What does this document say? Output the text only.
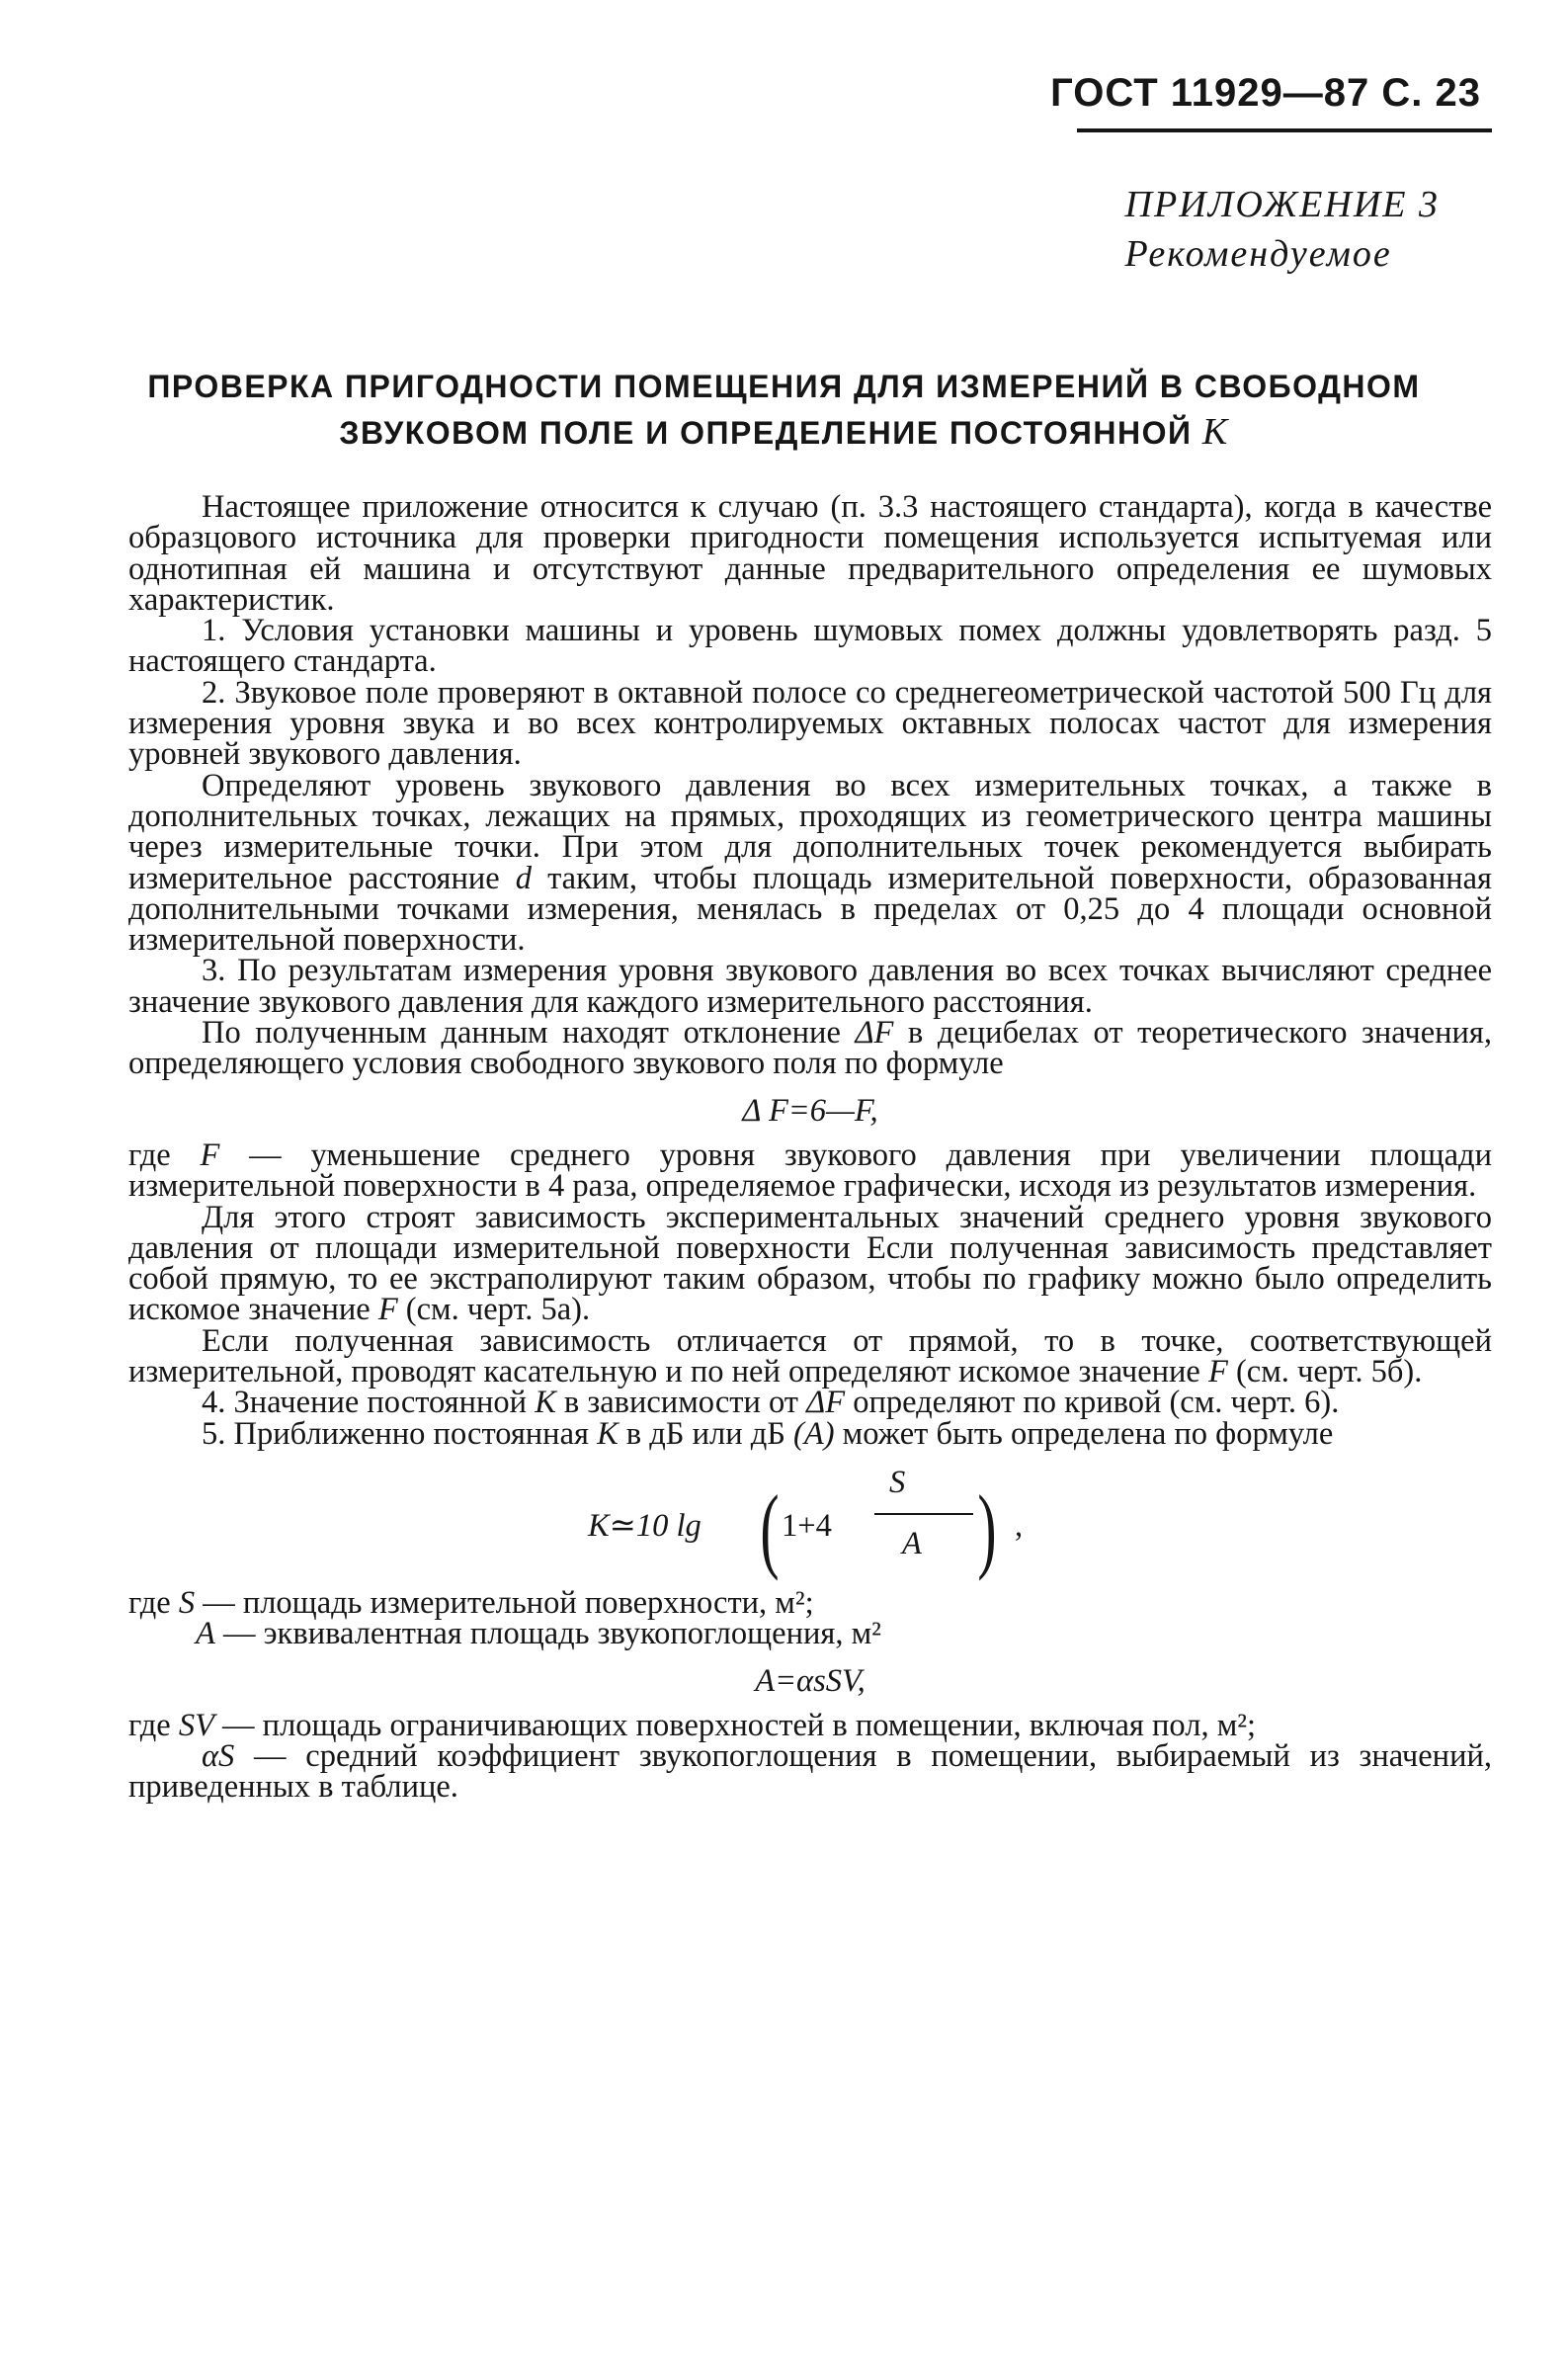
ГОСТ 11929—87 С. 23
ПРИЛОЖЕНИЕ 3
Рекомендуемое
ПРОВЕРКА ПРИГОДНОСТИ ПОМЕЩЕНИЯ ДЛЯ ИЗМЕРЕНИЙ В СВОБОДНОМ
ЗВУКОВОМ ПОЛЕ И ОПРЕДЕЛЕНИЕ ПОСТОЯННОЙ К

Настоящее приложение относится к случаю (п. 3.3 настоящего стандарта), когда в качестве образцового источника для проверки пригодности помещения используется испытуемая или однотипная ей машина и отсутствуют данные предварительного определения ее шумовых характеристик.

1. Условия установки машины и уровень шумовых помех должны удовлетворять разд. 5 настоящего стандарта.

2. Звуковое поле проверяют в октавной полосе со среднегеометрической частотой 500 Гц для измерения уровня звука и во всех контролируемых октавных полосах частот для измерения уровней звукового давления.

Определяют уровень звукового давления во всех измерительных точках, а также в дополнительных точках, лежащих на прямых, проходящих из геометрического центра машины через измерительные точки. При этом для дополнительных точек рекомендуется выбирать измерительное расстояние d таким, чтобы площадь измерительной поверхности, образованная дополнительными точками измерения, менялась в пределах от 0,25 до 4 площади основной измерительной поверхности.

3. По результатам измерения уровня звукового давления во всех точках вычисляют среднее значение звукового давления для каждого измерительного расстояния.

По полученным данным находят отклонение ΔF в децибелах от теоретического значения, определяющего условия свободного звукового поля по формуле

Δ F=6—F,

где F — уменьшение среднего уровня звукового давления при увеличении площади измерительной поверхности в 4 раза, определяемое графически, исходя из результатов измерения.

Для этого строят зависимость экспериментальных значений среднего уровня звукового давления от площади измерительной поверхности Если полученная зависимость представляет собой прямую, то ее экстраполируют таким образом, чтобы по графику можно было определить искомое значение F (см. черт. 5а).

Если полученная зависимость отличается от прямой, то в точке, соответствующей измерительной, проводят касательную и по ней определяют искомое значение F (см. черт. 5б).

4. Значение постоянной К в зависимости от ΔF определяют по кривой (см. черт. 6).

5. Приближенно постоянная К в дБ или дБ (А) может быть определена по формуле

К≃10 lg ( 1+4
S
A ) ,

где S — площадь измерительной поверхности, м²;

A — эквивалентная площадь звукопоглощения, м²

A=αsSV,

где SV — площадь ограничивающих поверхностей в помещении, включая пол, м²;

αS — средний коэффициент звукопоглощения в помещении, выбираемый из значений, приведенных в таблице.
